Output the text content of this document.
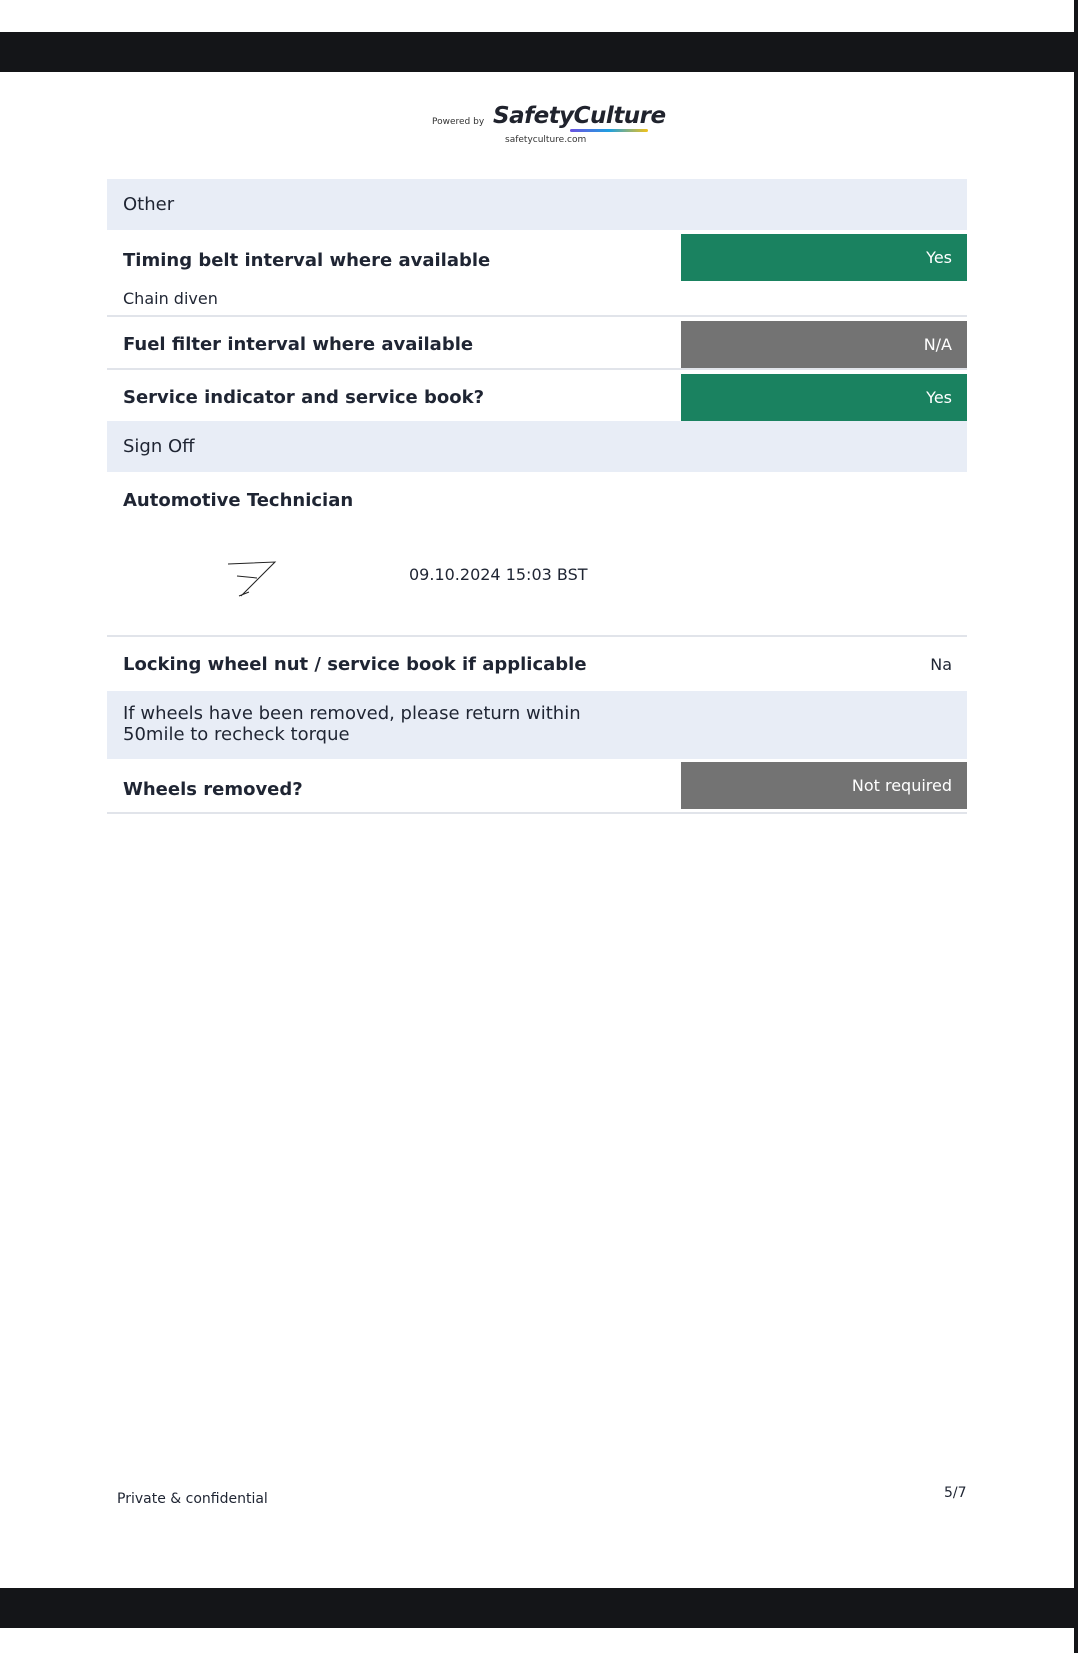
Powered by SafetyCulture
safetyculture.com
Other
Timing belt interval where available	Yes
Chain diven
Fuel filter interval where available	N/A
Service indicator and service book?	Yes
Sign Off
Automotive Technician
09.10.2024 15:03 BST
Locking wheel nut / service book if applicable	Na
If wheels have been removed, please return within 50mile to recheck torque
Wheels removed?	Not required
Private & confidential	5/7
